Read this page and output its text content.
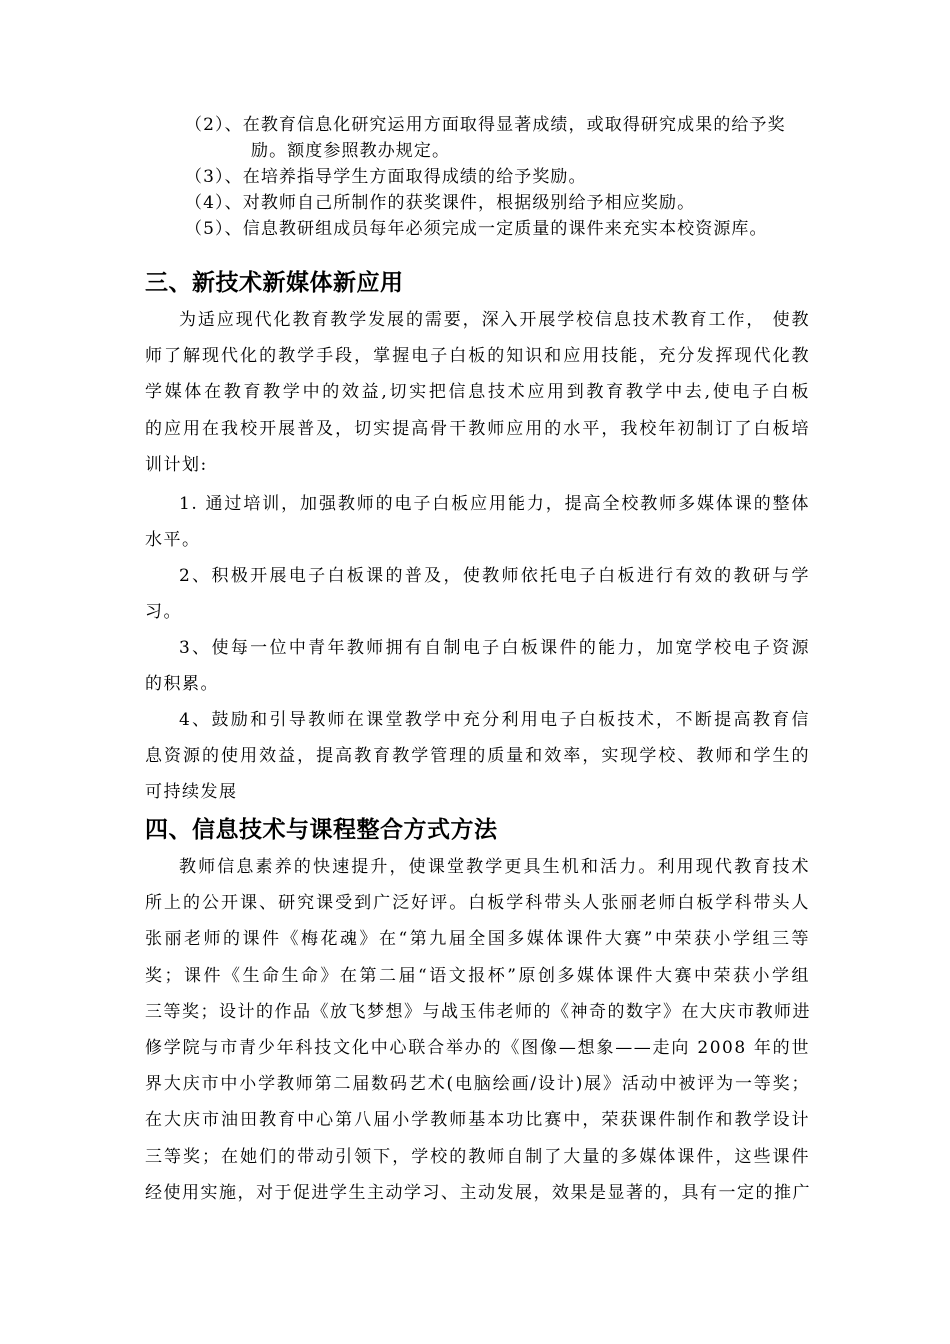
（2）、在教育信息化研究运用方面取得显著成绩，或取得研究成果的给予奖
励。额度参照教办规定。
（3）、在培养指导学生方面取得成绩的给予奖励。
（4）、对教师自己所制作的获奖课件，根据级别给予相应奖励。
（5）、信息教研组成员每年必须完成一定质量的课件来充实本校资源库。
三、新技术新媒体新应用
为适应现代化教育教学发展的需要，深入开展学校信息技术教育工作， 使教
师了解现代化的教学手段，掌握电子白板的知识和应用技能，充分发挥现代化教
学媒体在教育教学中的效益,切实把信息技术应用到教育教学中去,使电子白板
的应用在我校开展普及，切实提高骨干教师应用的水平，我校年初制订了白板培
训计划:
1. 通过培训，加强教师的电子白板应用能力，提高全校教师多媒体课的整体
水平。
2、积极开展电子白板课的普及，使教师依托电子白板进行有效的教研与学
习。
3、使每一位中青年教师拥有自制电子白板课件的能力，加宽学校电子资源
的积累。
4、鼓励和引导教师在课堂教学中充分利用电子白板技术，不断提高教育信
息资源的使用效益，提高教育教学管理的质量和效率，实现学校、教师和学生的
可持续发展
四、信息技术与课程整合方式方法
教师信息素养的快速提升，使课堂教学更具生机和活力。利用现代教育技术
所上的公开课、研究课受到广泛好评。白板学科带头人张丽老师白板学科带头人
张丽老师的课件《梅花魂》在“第九届全国多媒体课件大赛”中荣获小学组三等
奖；课件《生命生命》在第二届“语文报杯”原创多媒体课件大赛中荣获小学组
三等奖；设计的作品《放飞梦想》与战玉伟老师的《神奇的数字》在大庆市教师进
修学院与市青少年科技文化中心联合举办的《图像—想象——走向 2008 年的世
界大庆市中小学教师第二届数码艺术(电脑绘画/设计)展》活动中被评为一等奖；
在大庆市油田教育中心第八届小学教师基本功比赛中，荣获课件制作和教学设计
三等奖；在她们的带动引领下，学校的教师自制了大量的多媒体课件，这些课件
经使用实施，对于促进学生主动学习、主动发展，效果是显著的，具有一定的推广
